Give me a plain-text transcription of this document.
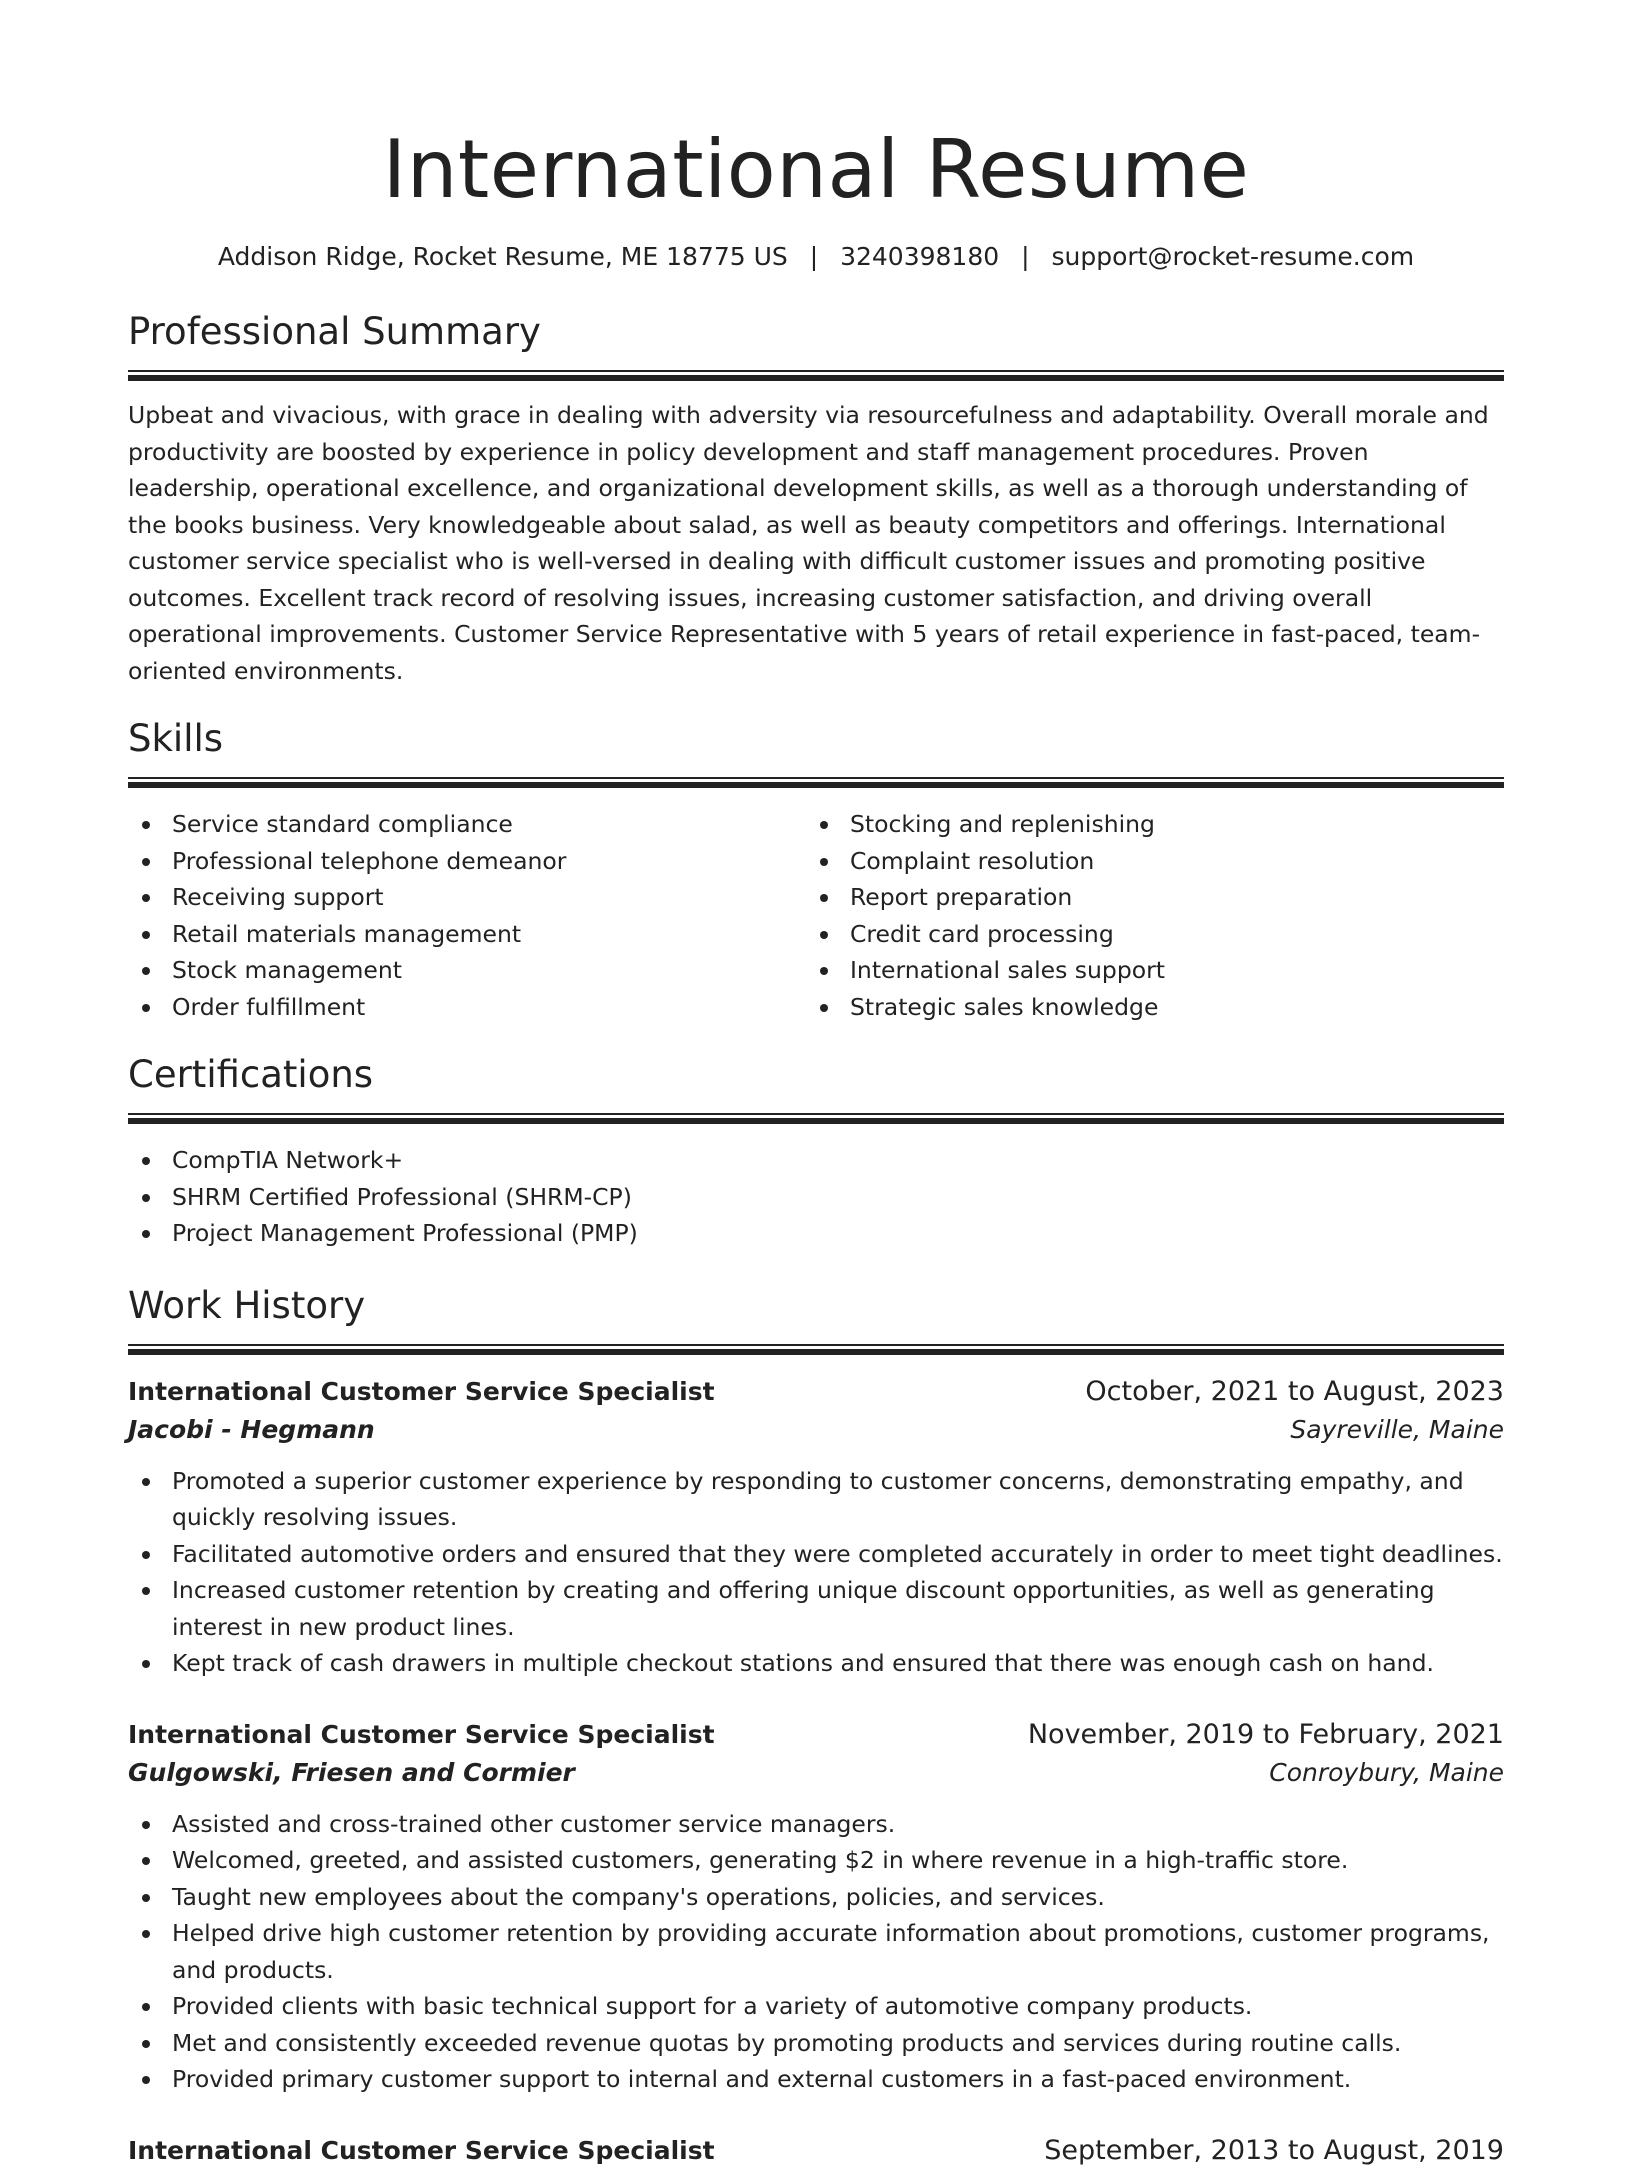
International Resume
Addison Ridge, Rocket Resume, ME 18775 US | 3240398180 | support@rocket-resume.com
Professional Summary

Upbeat and vivacious, with grace in dealing with adversity via resourcefulness and adaptability. Overall morale and productivity are boosted by experience in policy development and staff management procedures. Proven leadership, operational excellence, and organizational development skills, as well as a thorough understanding of the books business. Very knowledgeable about salad, as well as beauty competitors and offerings. International customer service specialist who is well-versed in dealing with difficult customer issues and promoting positive outcomes. Excellent track record of resolving issues, increasing customer satisfaction, and driving overall operational improvements. Customer Service Representative with 5 years of retail experience in fast-paced, team-oriented environments.

Skills
Service standard compliance
Professional telephone demeanor
Receiving support
Retail materials management
Stock management
Order fulfillment
Stocking and replenishing
Complaint resolution
Report preparation
Credit card processing
International sales support
Strategic sales knowledge
Certifications
CompTIA Network+
SHRM Certified Professional (SHRM-CP)
Project Management Professional (PMP)
Work History
International Customer Service Specialist	October, 2021 to August, 2023
Jacobi - Hegmann	Sayreville, Maine
Promoted a superior customer experience by responding to customer concerns, demonstrating empathy, and quickly resolving issues.
Facilitated automotive orders and ensured that they were completed accurately in order to meet tight deadlines.
Increased customer retention by creating and offering unique discount opportunities, as well as generating interest in new product lines.
Kept track of cash drawers in multiple checkout stations and ensured that there was enough cash on hand.
International Customer Service Specialist	November, 2019 to February, 2021
Gulgowski, Friesen and Cormier	Conroybury, Maine
Assisted and cross-trained other customer service managers.
Welcomed, greeted, and assisted customers, generating $2 in where revenue in a high-traffic store.
Taught new employees about the company's operations, policies, and services.
Helped drive high customer retention by providing accurate information about promotions, customer programs, and products.
Provided clients with basic technical support for a variety of automotive company products.
Met and consistently exceeded revenue quotas by promoting products and services during routine calls.
Provided primary customer support to internal and external customers in a fast-paced environment.
International Customer Service Specialist	September, 2013 to August, 2019
